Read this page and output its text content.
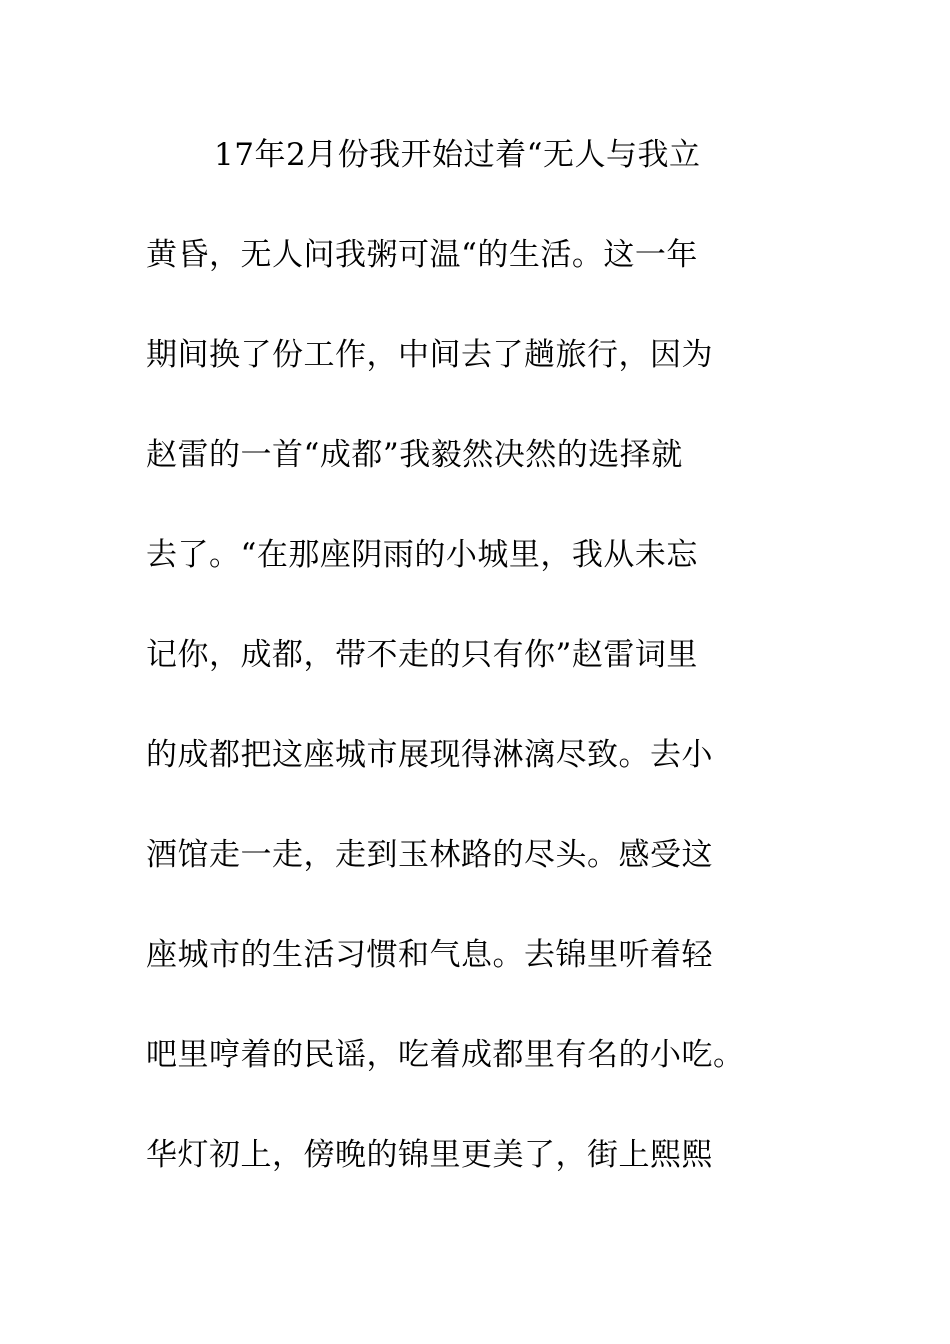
17年2月份我开始过着“无人与我立
黄昏，无人问我粥可温“的生活。这一年
期间换了份工作，中间去了趟旅行，因为
赵雷的一首“成都”我毅然决然的选择就
去了。“在那座阴雨的小城里，我从未忘
记你，成都，带不走的只有你”赵雷词里
的成都把这座城市展现得淋漓尽致。去小
酒馆走一走，走到玉林路的尽头。感受这
座城市的生活习惯和气息。去锦里听着轻
吧里哼着的民谣，吃着成都里有名的小吃。
华灯初上，傍晚的锦里更美了，街上熙熙
